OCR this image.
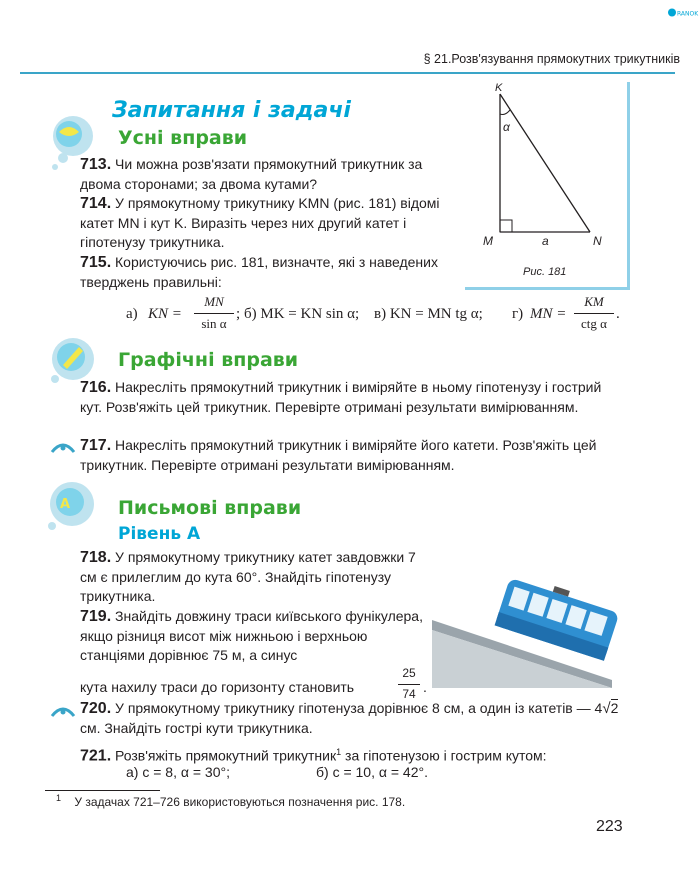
RANOK
§ 21.Розв'язування прямокутних трикутників
Запитання і задачі
Усні вправи
K
α
M	a	N
Рис. 181
713. Чи можна розв'язати прямокутний трикутник за двома сторонами; за двома кутами?
714. У прямокутному трикутнику KMN (рис. 181) відомі катет MN і кут K. Виразіть через них другий катет і гіпотенузу трикутника.
715. Користуючись рис. 181, визначте, які з наведених тверджень правильні:
а) KN =
MN
sin α
; б) MK = KN sin α; в) KN = MN tg α; г) MN =
KM
ctg α
.
Графічні вправи
716. Накресліть прямокутний трикутник і виміряйте в ньому гіпотенузу і гострий кут. Розв'яжіть цей трикутник. Перевірте отримані результати вимірюванням.
717. Накресліть прямокутний трикутник і виміряйте його катети. Розв'яжіть цей трикутник. Перевірте отримані результати вимірюванням.
A	Письмові вправи
Рівень А
718. У прямокутному трикутнику катет завдовжки 7 см є прилеглим до кута 60°. Знайдіть гіпотенузу трикутника.
719. Знайдіть довжину траси київського фунікулера, якщо різниця висот між нижньою і верхньою станціями дорівнює 75 м, а синус
кута нахилу траси до горизонту становить
25
74 .
720. У прямокутному трикутнику гіпотенуза дорівнює 8 см, а один із катетів — 4√2 см. Знайдіть гострі кути трикутника.
721. Розв'яжіть прямокутний трикутник$^1$ за гіпотенузою і гострим кутом:
а) c = 8, α = 30°;	б) c = 10, α = 42°.
$^1$ У задачах 721–726 використовуються позначення рис. 178.
223
